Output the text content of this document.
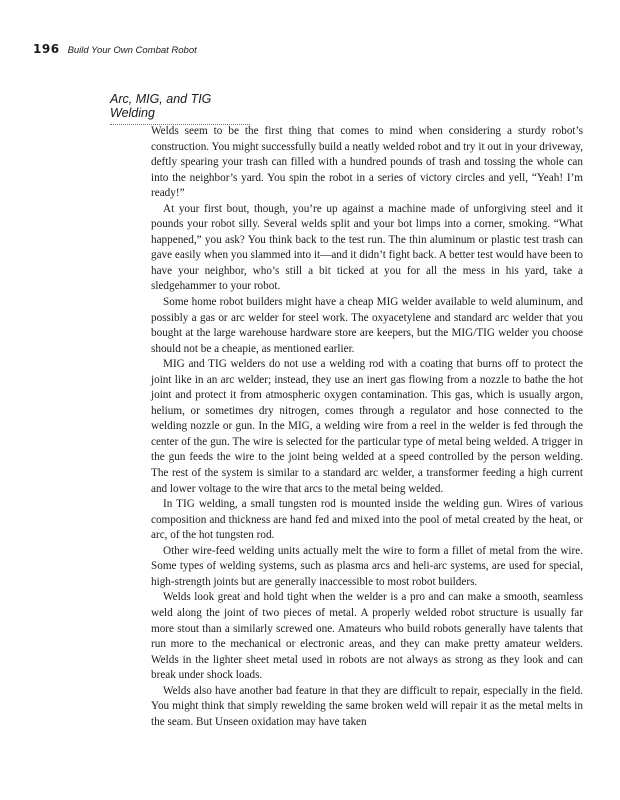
196 Build Your Own Combat Robot
Arc, MIG, and TIG Welding

Welds seem to be the first thing that comes to mind when considering a sturdy robot’s construction. You might successfully build a neatly welded robot and try it out in your driveway, deftly spearing your trash can filled with a hundred pounds of trash and tossing the whole can into the neighbor’s yard. You spin the robot in a series of victory circles and yell, “Yeah! I’m ready!”

At your first bout, though, you’re up against a machine made of unforgiving steel and it pounds your robot silly. Several welds split and your bot limps into a corner, smoking. “What happened,” you ask? You think back to the test run. The thin aluminum or plastic test trash can gave easily when you slammed into it—and it didn’t fight back. A better test would have been to have your neighbor, who’s still a bit ticked at you for all the mess in his yard, take a sledgehammer to your robot.

Some home robot builders might have a cheap MIG welder available to weld aluminum, and possibly a gas or arc welder for steel work. The oxyacetylene and standard arc welder that you bought at the large warehouse hardware store are keepers, but the MIG/TIG welder you choose should not be a cheapie, as mentioned earlier.

MIG and TIG welders do not use a welding rod with a coating that burns off to protect the joint like in an arc welder; instead, they use an inert gas flowing from a nozzle to bathe the hot joint and protect it from atmospheric oxygen contamination. This gas, which is usually argon, helium, or sometimes dry nitrogen, comes through a regulator and hose connected to the welding nozzle or gun. In the MIG, a welding wire from a reel in the welder is fed through the center of the gun. The wire is selected for the particular type of metal being welded. A trigger in the gun feeds the wire to the joint being welded at a speed controlled by the person welding. The rest of the system is similar to a standard arc welder, a transformer feeding a high current and lower voltage to the wire that arcs to the metal being welded.

In TIG welding, a small tungsten rod is mounted inside the welding gun. Wires of various composition and thickness are hand fed and mixed into the pool of metal created by the heat, or arc, of the hot tungsten rod.

Other wire-feed welding units actually melt the wire to form a fillet of metal from the wire. Some types of welding systems, such as plasma arcs and heli-arc systems, are used for special, high-strength joints but are generally inaccessible to most robot builders.

Welds look great and hold tight when the welder is a pro and can make a smooth, seamless weld along the joint of two pieces of metal. A properly welded robot structure is usually far more stout than a similarly screwed one. Amateurs who build robots generally have talents that run more to the mechanical or electronic areas, and they can make pretty amateur welders. Welds in the lighter sheet metal used in robots are not always as strong as they look and can break under shock loads.

Welds also have another bad feature in that they are difficult to repair, especially in the field. You might think that simply rewelding the same broken weld will repair it as the metal melts in the seam. But Unseen oxidation may have taken
